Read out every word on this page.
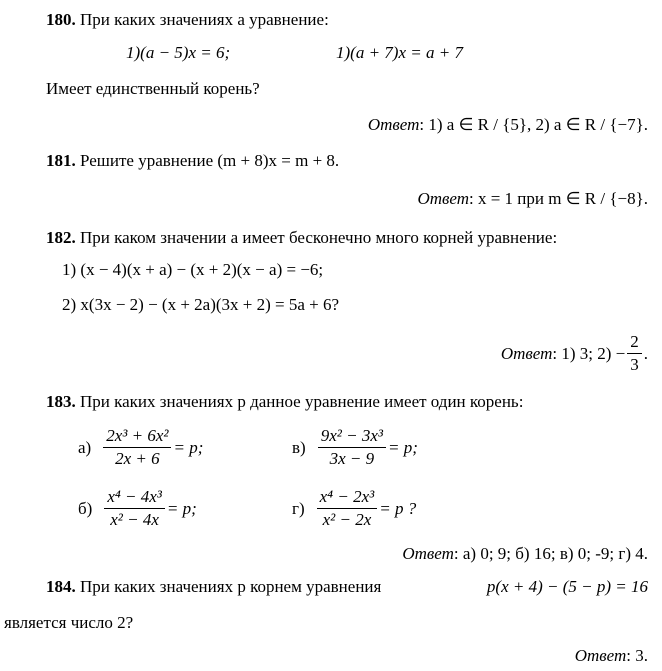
180. При каких значениях a уравнение:
1)(a − 5)x = 6;	1)(a + 7)x = a + 7
Имеет единственный корень?
Ответ: 1) a ∈ R / {5}, 2) a ∈ R / {−7}.
181. Решите уравнение (m + 8)x = m + 8.
Ответ: x = 1 при m ∈ R / {−8}.
182. При каком значении a имеет бесконечно много корней уравнение:
1) (x − 4)(x + a) − (x + 2)(x − a) = −6;
2) x(3x − 2) − (x + 2a)(3x + 2) = 5a + 6?
Ответ: 1) 3; $2) - \frac{2}{3}$ .
183. При каких значениях p данное уравнение имеет один корень:
$а) \frac{\text{2x³ + 6x²}}{2x + 6} = p$;	$в) \frac{\text{9x² − 3x³}}{3x - 9} = p$;
$б) \frac{\text{x⁴ − 4x³}}{\text{x² − 4x}} = p$;	$г) \frac{\text{x⁴ − 2x³}}{\text{x² − 2x}} = p$ ?
Ответ: а) 0; 9; б) 16; в) 0; -9; г) 4.
184. При каких значениях p корнем уравнения	p(x + 4) − (5 − p) = 16
является число 2?
Ответ: 3.
